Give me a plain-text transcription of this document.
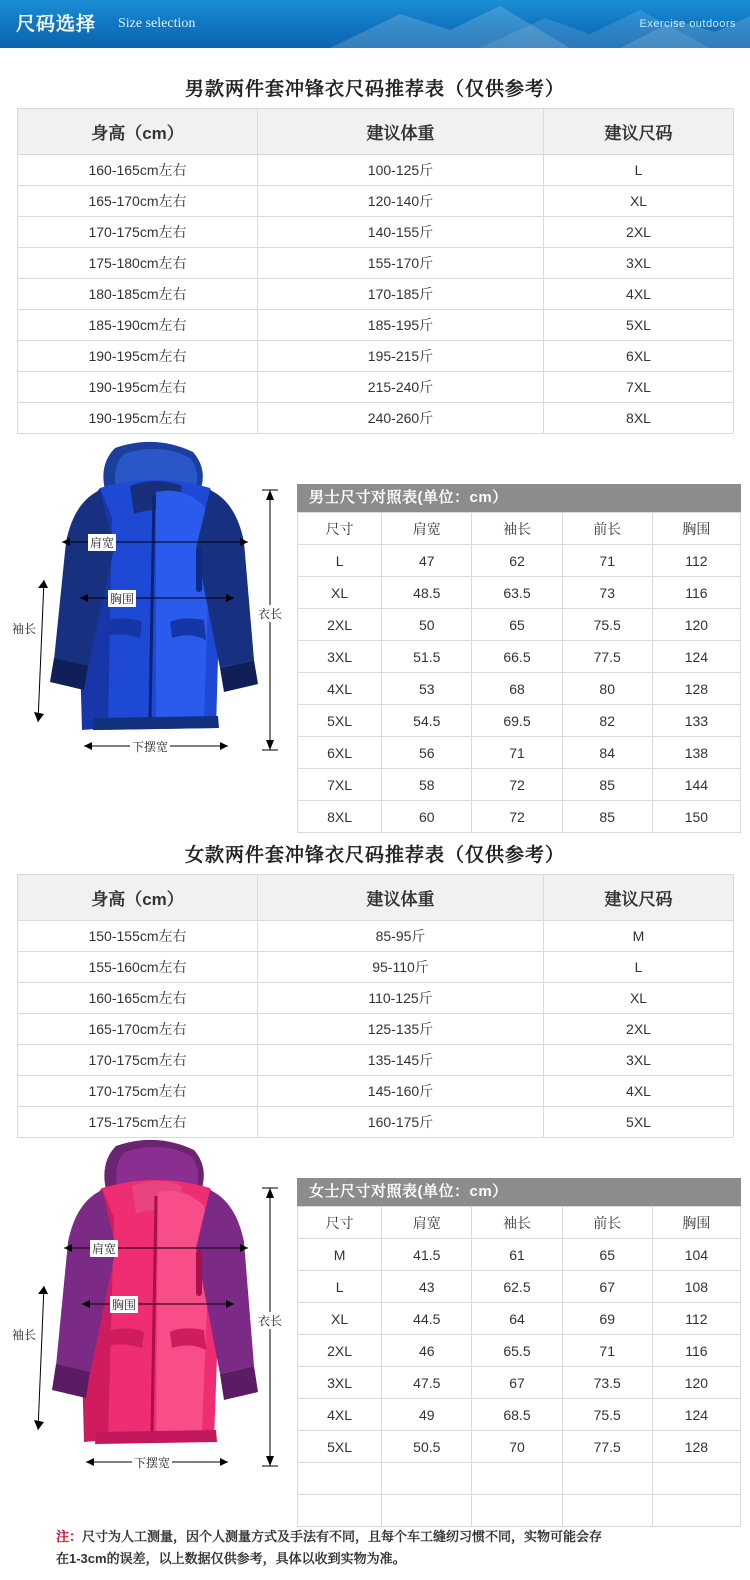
尺码选择 Size selection	Exercise outdoors
男款两件套冲锋衣尺码推荐表（仅供参考）
身高（cm）	建议体重	建议尺码
160-165cm左右	100-125斤	L
165-170cm左右	120-140斤	XL
170-175cm左右	140-155斤	2XL
175-180cm左右	155-170斤	3XL
180-185cm左右	170-185斤	4XL
185-190cm左右	185-195斤	5XL
190-195cm左右	195-215斤	6XL
190-195cm左右	215-240斤	7XL
190-195cm左右	240-260斤	8XL
肩宽
胸围
袖长
衣长
下摆宽
男士尺寸对照表(单位：cm）
尺寸	肩宽	袖长	前长	胸围
L	47	62	71	112
XL	48.5	63.5	73	116
2XL	50	65	75.5	120
3XL	51.5	66.5	77.5	124
4XL	53	68	80	128
5XL	54.5	69.5	82	133
6XL	56	71	84	138
7XL	58	72	85	144
8XL	60	72	85	150
女款两件套冲锋衣尺码推荐表（仅供参考）
身高（cm）	建议体重	建议尺码
150-155cm左右	85-95斤	M
155-160cm左右	95-110斤	L
160-165cm左右	110-125斤	XL
165-170cm左右	125-135斤	2XL
170-175cm左右	135-145斤	3XL
170-175cm左右	145-160斤	4XL
175-175cm左右	160-175斤	5XL
肩宽
胸围
袖长
衣长
下摆宽
女士尺寸对照表(单位：cm）
尺寸	肩宽	袖长	前长	胸围
M	41.5	61	65	104
L	43	62.5	67	108
XL	44.5	64	69	112
2XL	46	65.5	71	116
3XL	47.5	67	73.5	120
4XL	49	68.5	75.5	124
5XL	50.5	70	77.5	128

注：尺寸为人工测量，因个人测量方式及手法有不同，且每个车工缝纫习惯不同，实物可能会存
在1-3cm的误差，以上数据仅供参考，具体以收到实物为准。
